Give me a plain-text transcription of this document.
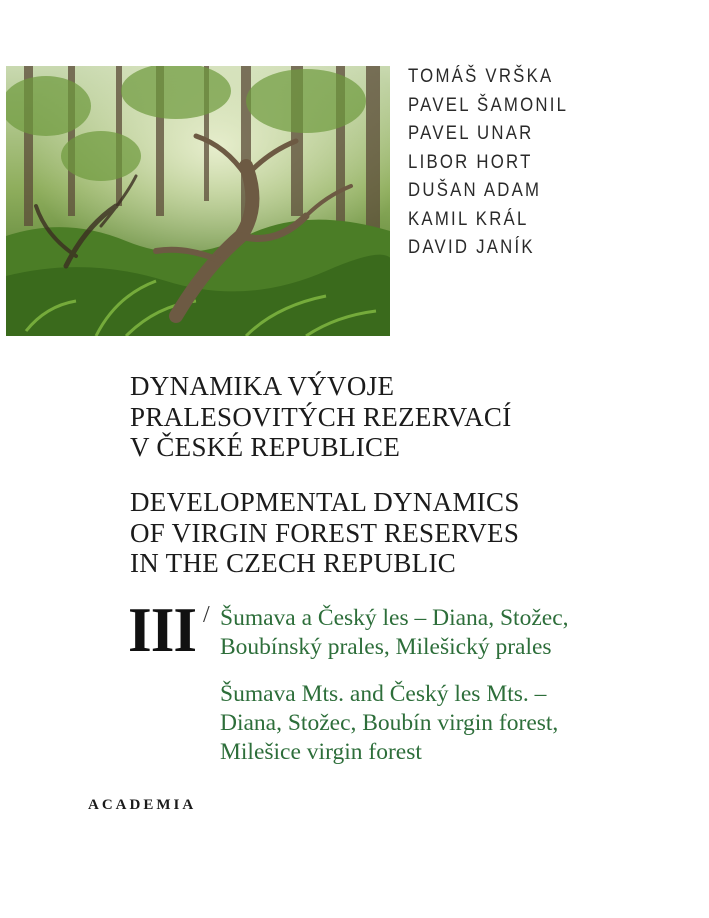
TOMÁŠ VRŠKA
PAVEL ŠAMONIL
PAVEL UNAR
LIBOR HORT
DUŠAN ADAM
KAMIL KRÁL
DAVID JANÍK
DYNAMIKA VÝVOJE
PRALESOVITÝCH REZERVACÍ
V ČESKÉ REPUBLICE
DEVELOPMENTAL DYNAMICS
OF VIRGIN FOREST RESERVES
IN THE CZECH REPUBLIC
III / Šumava a Český les – Diana, Stožec,
Boubínský prales, Milešický prales
Šumava Mts. and Český les Mts. –
Diana, Stožec, Boubín virgin forest,
Milešice virgin forest
ACADEMIA
